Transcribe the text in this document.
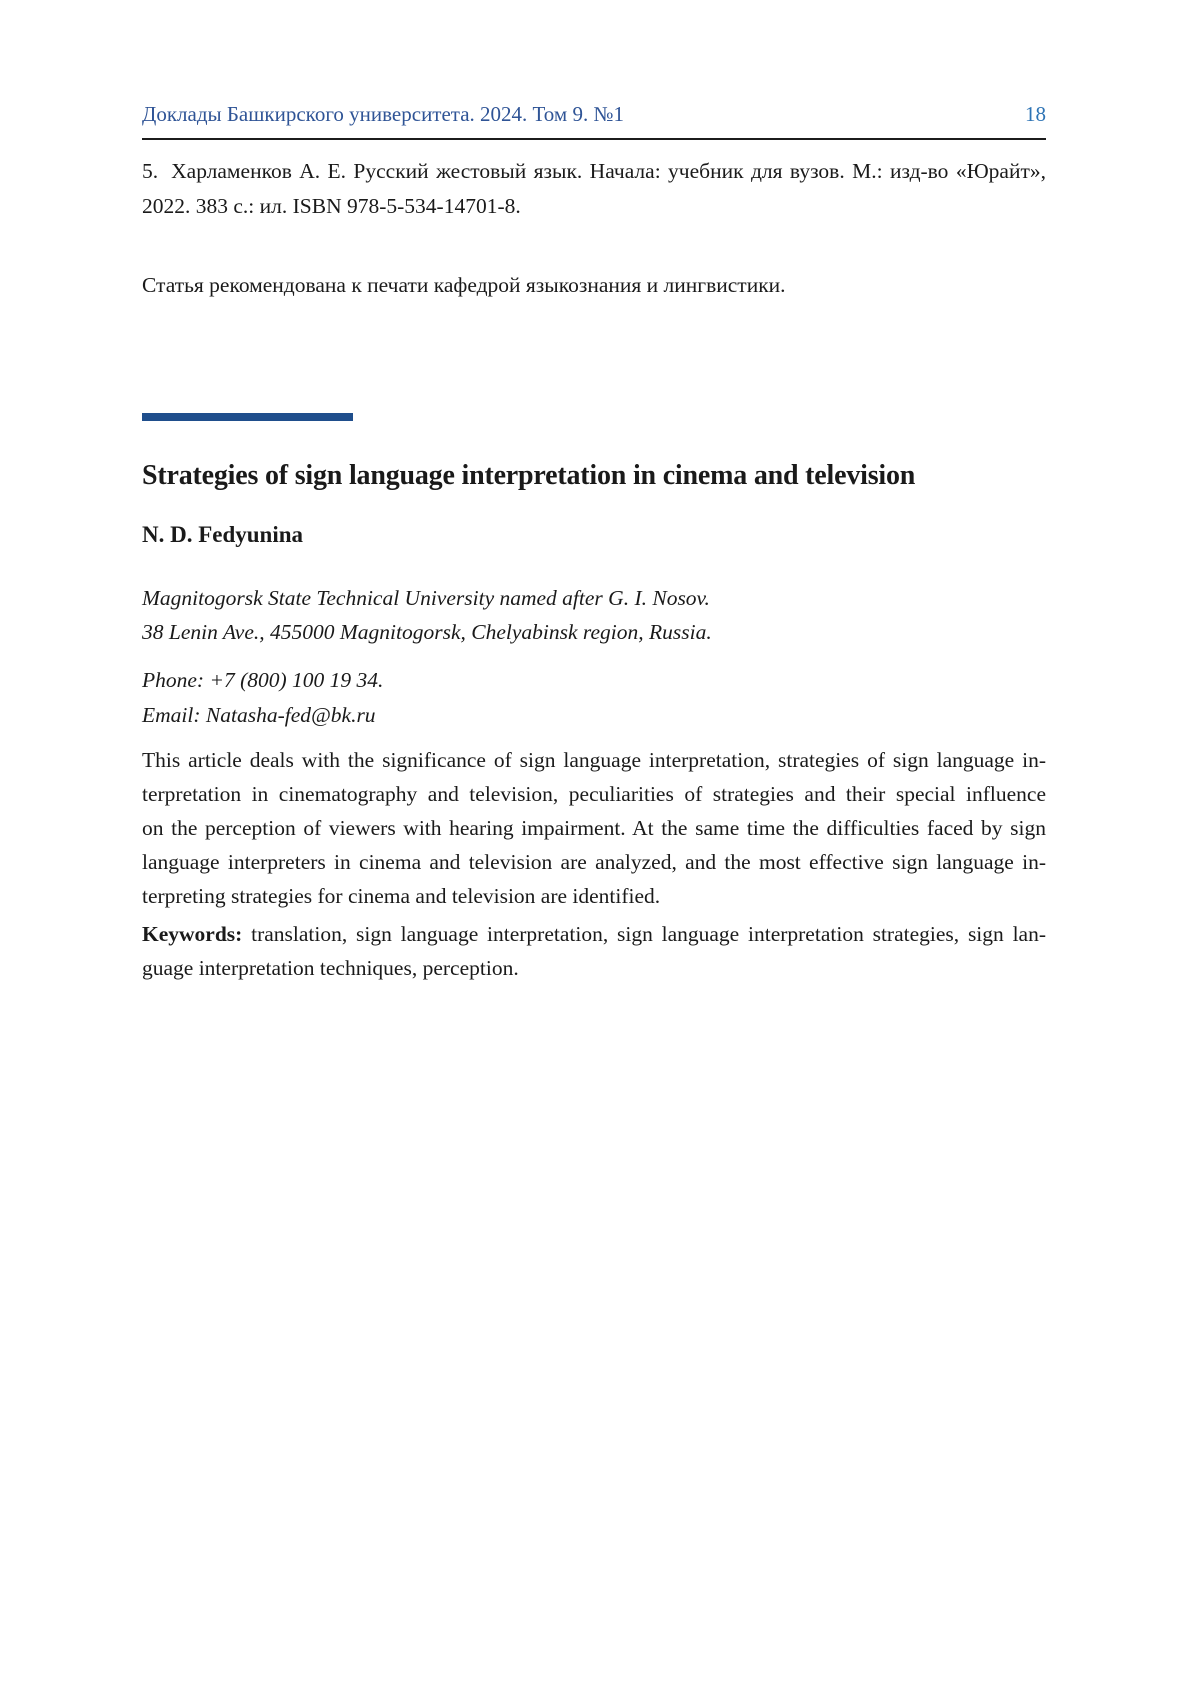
Доклады Башкирского университета. 2024. Том 9. №1	18
5. Харламенков А. Е. Русский жестовый язык. Начала: учебник для вузов. М.: изд-во «Юрайт»,
2022. 383 с.: ил. ISBN 978-5-534-14701-8.
Статья рекомендована к печати кафедрой языкознания и лингвистики.
Strategies of sign language interpretation in cinema and television
N. D. Fedyunina
Magnitogorsk State Technical University named after G. I. Nosov.
38 Lenin Ave., 455000 Magnitogorsk, Chelyabinsk region, Russia.
Phone: +7 (800) 100 19 34.
Email: Natasha-fed@bk.ru
This article deals with the significance of sign language interpretation, strategies of sign language in-
terpretation in cinematography and television, peculiarities of strategies and their special influence
on the perception of viewers with hearing impairment. At the same time the difficulties faced by sign
language interpreters in cinema and television are analyzed, and the most effective sign language in-
terpreting strategies for cinema and television are identified.
Keywords: translation, sign language interpretation, sign language interpretation strategies, sign lan-
guage interpretation techniques, perception.
